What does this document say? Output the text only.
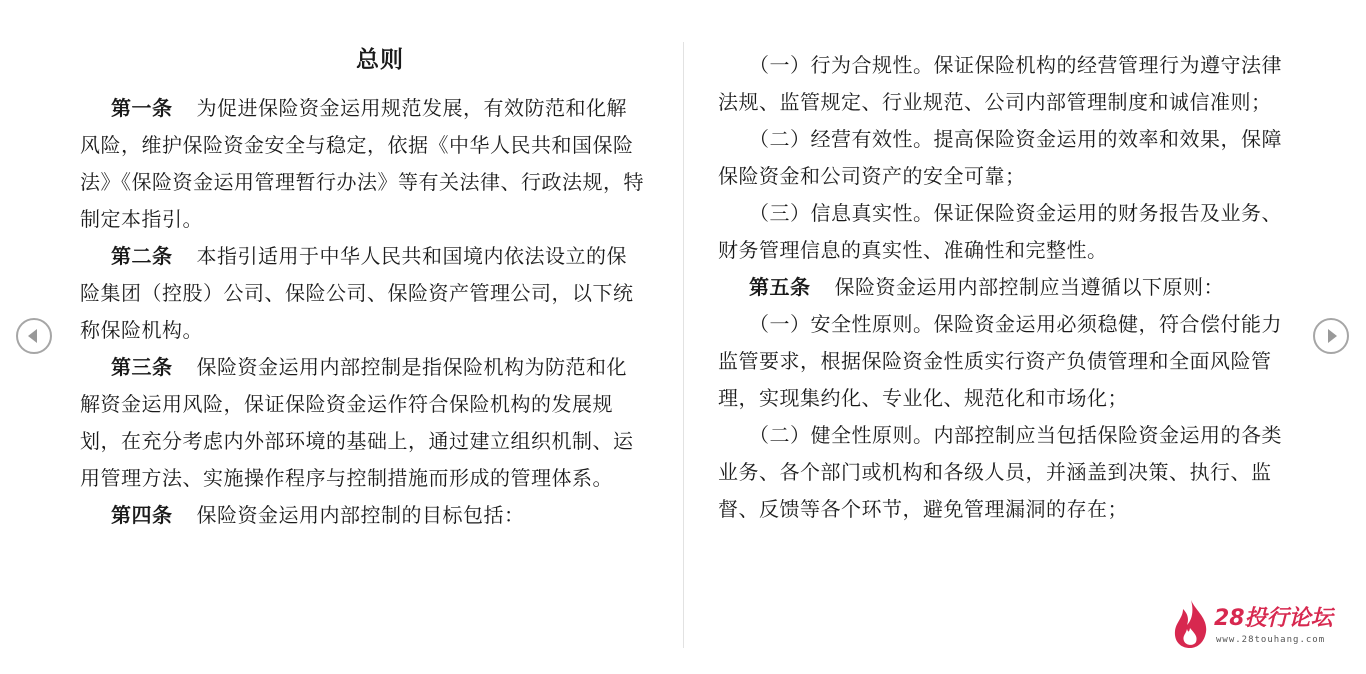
总则

第一条 为促进保险资金运用规范发展，有效防范和化解风险，维护保险资金安全与稳定，依据《中华人民共和国保险法》《保险资金运用管理暂行办法》等有关法律、行政法规，特制定本指引。

第二条 本指引适用于中华人民共和国境内依法设立的保险集团（控股）公司、保险公司、保险资产管理公司，以下统称保险机构。

第三条 保险资金运用内部控制是指保险机构为防范和化解资金运用风险，保证保险资金运作符合保险机构的发展规划，在充分考虑内外部环境的基础上，通过建立组织机制、运用管理方法、实施操作程序与控制措施而形成的管理体系。

第四条 保险资金运用内部控制的目标包括：

（一）行为合规性。保证保险机构的经营管理行为遵守法律法规、监管规定、行业规范、公司内部管理制度和诚信准则；

（二）经营有效性。提高保险资金运用的效率和效果，保障保险资金和公司资产的安全可靠；

（三）信息真实性。保证保险资金运用的财务报告及业务、财务管理信息的真实性、准确性和完整性。

第五条 保险资金运用内部控制应当遵循以下原则：

（一）安全性原则。保险资金运用必须稳健，符合偿付能力监管要求，根据保险资金性质实行资产负债管理和全面风险管理，实现集约化、专业化、规范化和市场化；

（二）健全性原则。内部控制应当包括保险资金运用的各类业务、各个部门或机构和各级人员，并涵盖到决策、执行、监督、反馈等各个环节，避免管理漏洞的存在；

28投行论坛
www.28touhang.com
